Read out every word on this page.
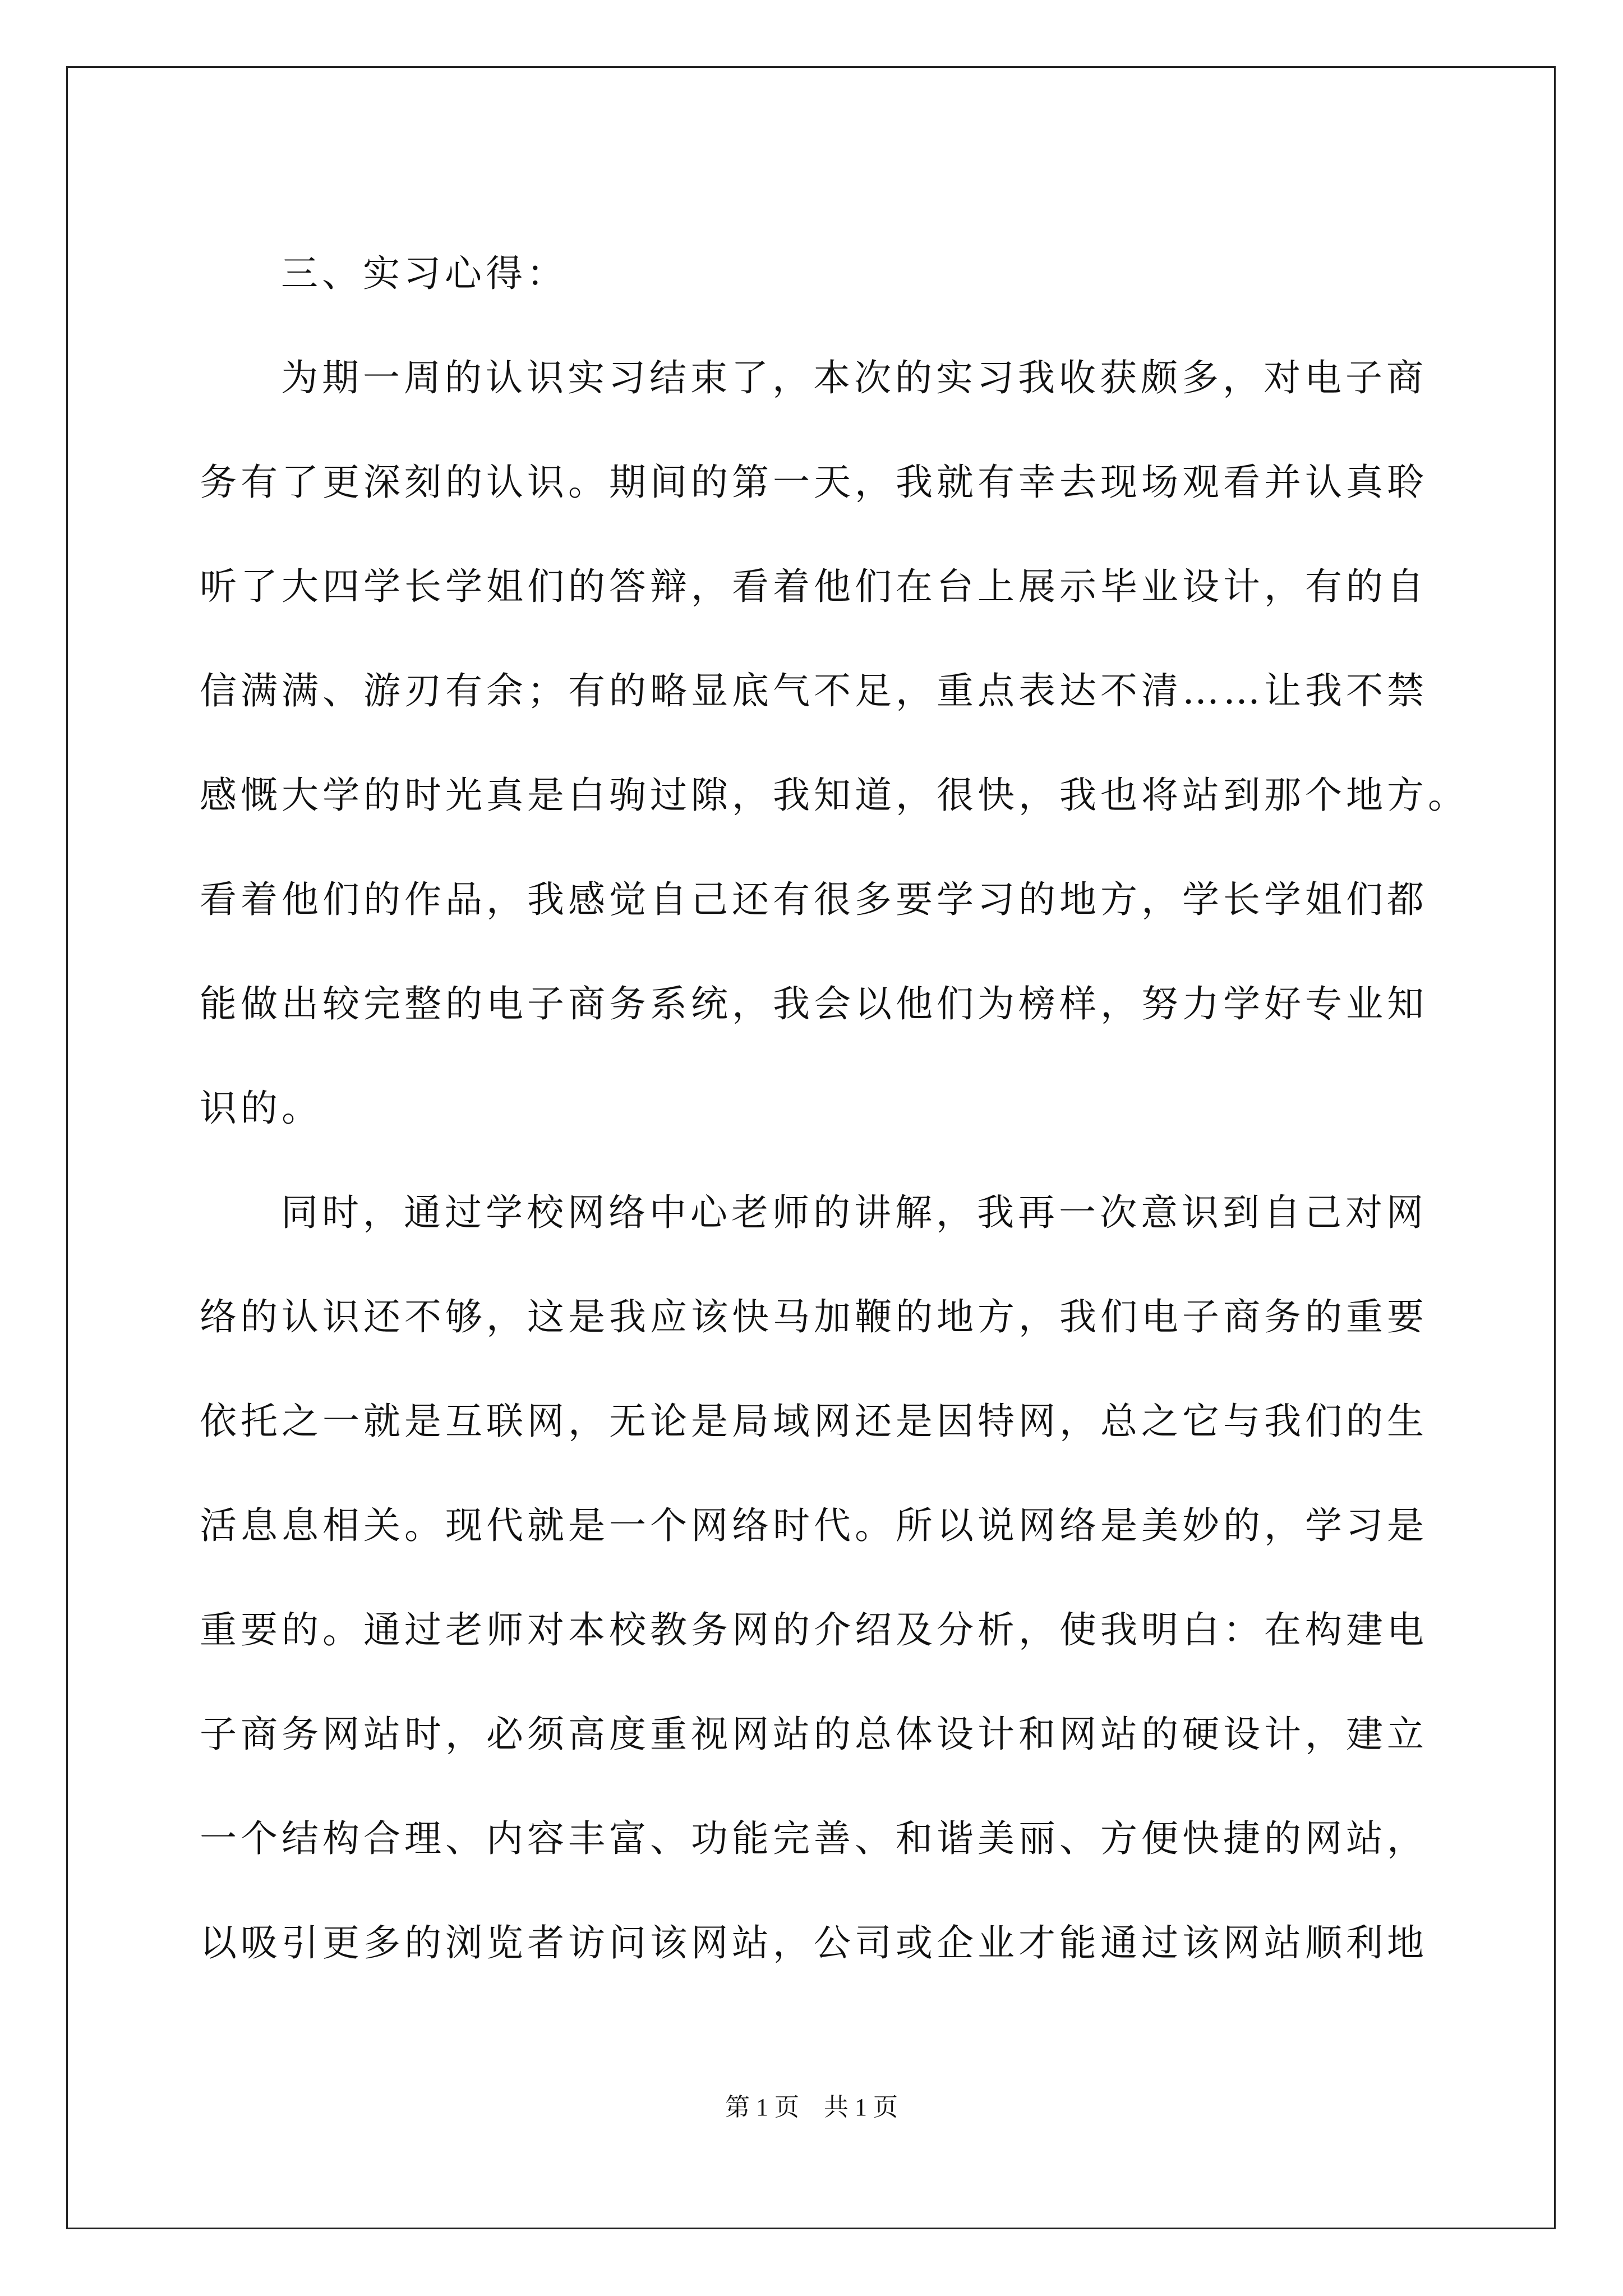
三、实习心得：
为期一周的认识实习结束了，本次的实习我收获颇多，对电子商
务有了更深刻的认识。期间的第一天，我就有幸去现场观看并认真聆
听了大四学长学姐们的答辩，看着他们在台上展示毕业设计，有的自
信满满、游刃有余；有的略显底气不足，重点表达不清……让我不禁
感慨大学的时光真是白驹过隙，我知道，很快，我也将站到那个地方。
看着他们的作品，我感觉自己还有很多要学习的地方，学长学姐们都
能做出较完整的电子商务系统，我会以他们为榜样，努力学好专业知
识的。
同时，通过学校网络中心老师的讲解，我再一次意识到自己对网
络的认识还不够，这是我应该快马加鞭的地方，我们电子商务的重要
依托之一就是互联网，无论是局域网还是因特网，总之它与我们的生
活息息相关。现代就是一个网络时代。所以说网络是美妙的，学习是
重要的。通过老师对本校教务网的介绍及分析，使我明白：在构建电
子商务网站时，必须高度重视网站的总体设计和网站的硬设计，建立
一个结构合理、内容丰富、功能完善、和谐美丽、方便快捷的网站，
以吸引更多的浏览者访问该网站，公司或企业才能通过该网站顺利地
第 1 页　共 1 页
